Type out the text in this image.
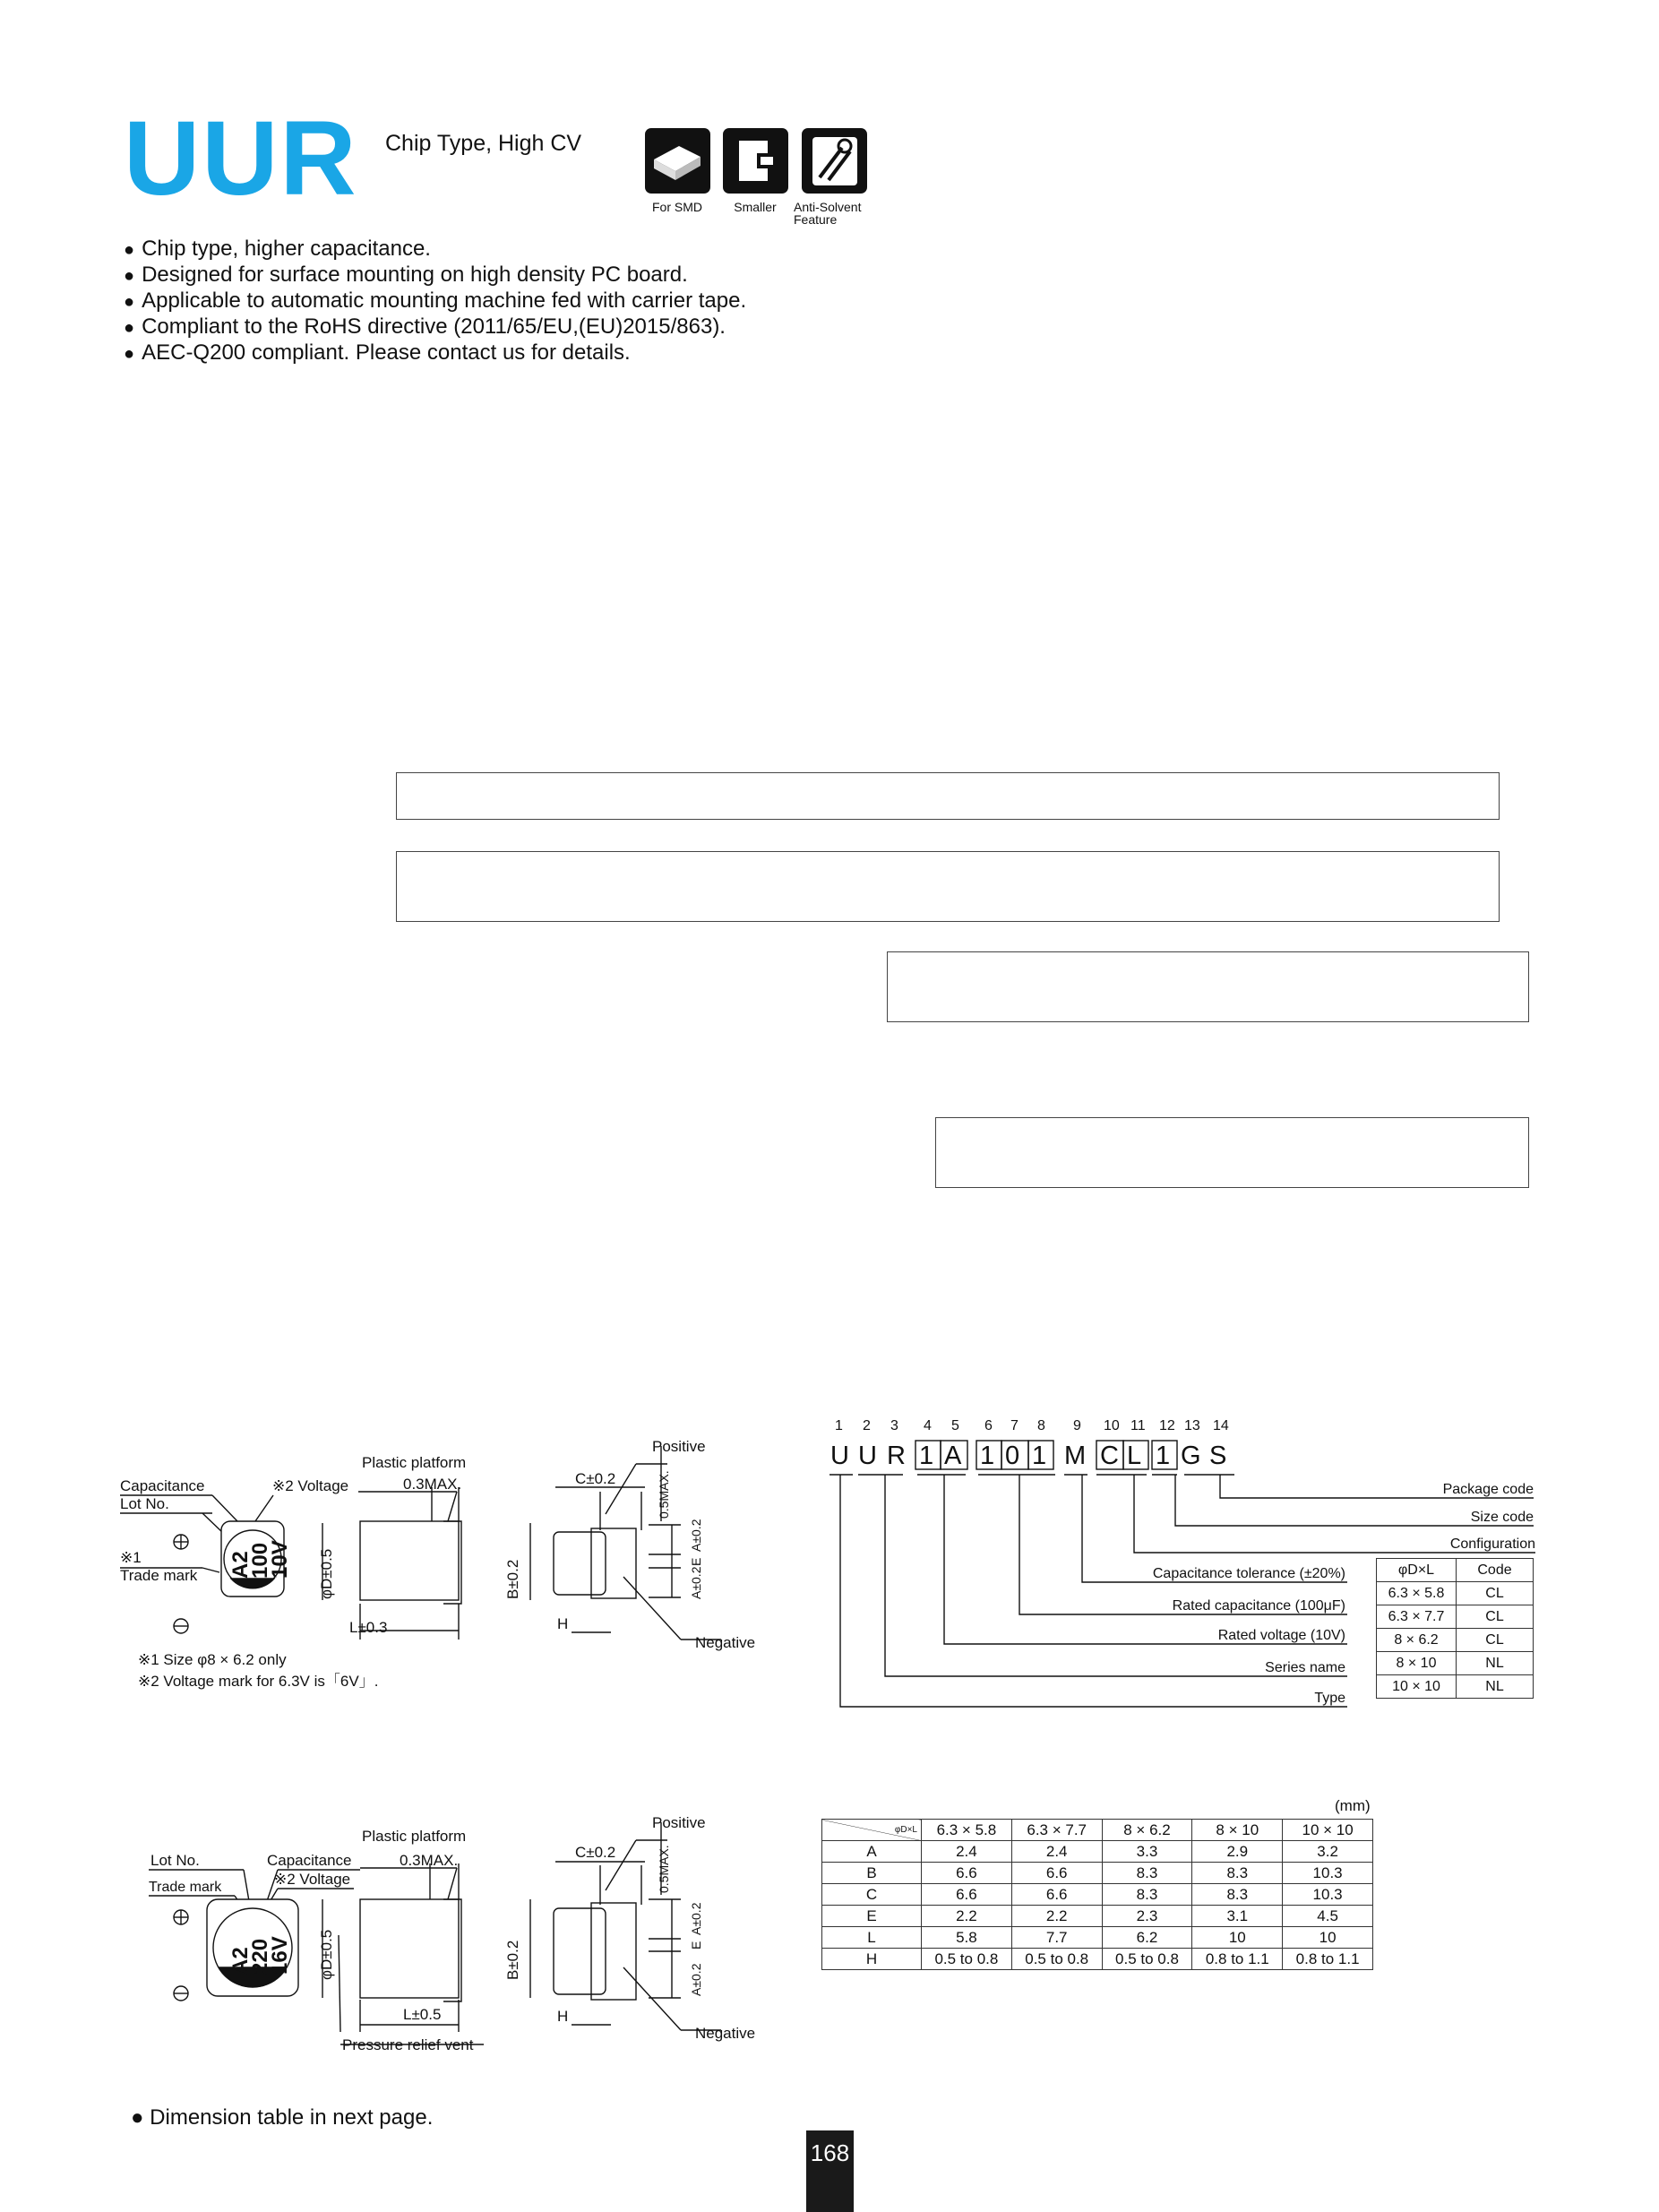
UUR Chip Type, High CV
For SMD	Smaller	Anti-Solvent Feature
● Chip type, higher capacitance.
● Designed for surface mounting on high density PC board.
● Applicable to automatic mounting machine fed with carrier tape.
● Compliant to the RoHS directive (2011/65/EU,(EU)2015/863).
● AEC-Q200 compliant. Please contact us for details.
Capacitance	※2 Voltage
Lot No.
※1
Trade mark A2
100
10V
Plastic platform
0.3MAX.	C±0.2
Positive
Negative
L±0.3	H
φD±0.5	B±0.2
0.5MAX.
A±0.2
E
A±0.2
※1 Size φ8 × 6.2 only
※2 Voltage mark for 6.3V is「6V」.
1 2 3 4 5 6 7 8 9 10 11 12 13 14
U U R 1 A 1 0 1 M C L 1 G S
Package code
Size code
Configuration
Capacitance tolerance (±20%)
Rated capacitance (100μF)
Rated voltage (10V)
Series name
Type
φD×L	Code
6.3 × 5.8	CL
6.3 × 7.7	CL
8 × 6.2	CL
8 × 10	NL
10 × 10	NL
Lot No.	Capacitance
Trade mark	※2 Voltage
A2
220
16V
Plastic platform
0.3MAX.	C±0.2
Positive
Negative
L±0.5	H
Pressure relief vent
φD±0.5	B±0.2
0.5MAX.
A±0.2
E
A±0.2
(mm)
φD×L	6.3 × 5.8	6.3 × 7.7	8 × 6.2	8 × 10	10 × 10
A	2.4	2.4	3.3	2.9	3.2
B	6.6	6.6	8.3	8.3	10.3
C	6.6	6.6	8.3	8.3	10.3
E	2.2	2.2	2.3	3.1	4.5
L	5.8	7.7	6.2	10	10
H	0.5 to 0.8	0.5 to 0.8	0.5 to 0.8	0.8 to 1.1	0.8 to 1.1
● Dimension table in next page.
168
